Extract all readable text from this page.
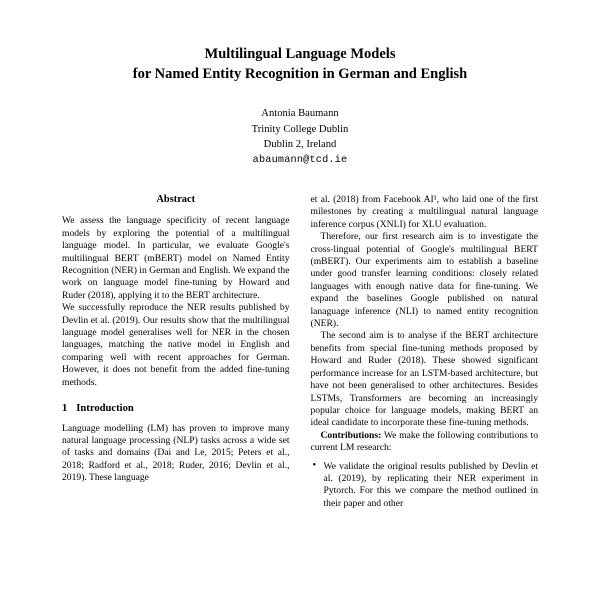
Multilingual Language Models
for Named Entity Recognition in German and English
Antonia Baumann
Trinity College Dublin
Dublin 2, Ireland
abaumann@tcd.ie
Abstract

We assess the language specificity of recent language models by exploring the potential of a multilingual language model. In particular, we evaluate Google's multilingual BERT (mBERT) model on Named Entity Recognition (NER) in German and English. We expand the work on language model fine-tuning by Howard and Ruder (2018), applying it to the BERT architecture.

We successfully reproduce the NER results published by Devlin et al. (2019). Our results show that the multilingual language model generalises well for NER in the chosen languages, matching the native model in English and comparing well with recent approaches for German. However, it does not benefit from the added fine-tuning methods.

1 Introduction

Language modelling (LM) has proven to improve many natural language processing (NLP) tasks across a wide set of tasks and domains (Dai and Le, 2015; Peters et al., 2018; Radford et al., 2018; Ruder, 2016; Devlin et al., 2019). These language

et al. (2018) from Facebook AI¹, who laid one of the first milestones by creating a multilingual natural language inference corpus (XNLI) for XLU evaluation.

Therefore, our first research aim is to investigate the cross-lingual potential of Google's multilingual BERT (mBERT). Our experiments aim to establish a baseline under good transfer learning conditions: closely related languages with enough native data for fine-tuning. We expand the baselines Google published on natural lanaguage inference (NLI) to named entity recognition (NER).

The second aim is to analyse if the BERT architecture benefits from special fine-tuning methods proposed by Howard and Ruder (2018). These showed significant performance increase for an LSTM-based architecture, but have not been generalised to other architectures. Besides LSTMs, Transformers are becoming an increasingly popular choice for language models, making BERT an ideal candidate to incorporate these fine-tuning methods.

Contributions: We make the following contributions to current LM research:

• We validate the original results published by Devlin et al. (2019), by replicating their NER experiment in Pytorch. For this we compare the method outlined in their paper and other
